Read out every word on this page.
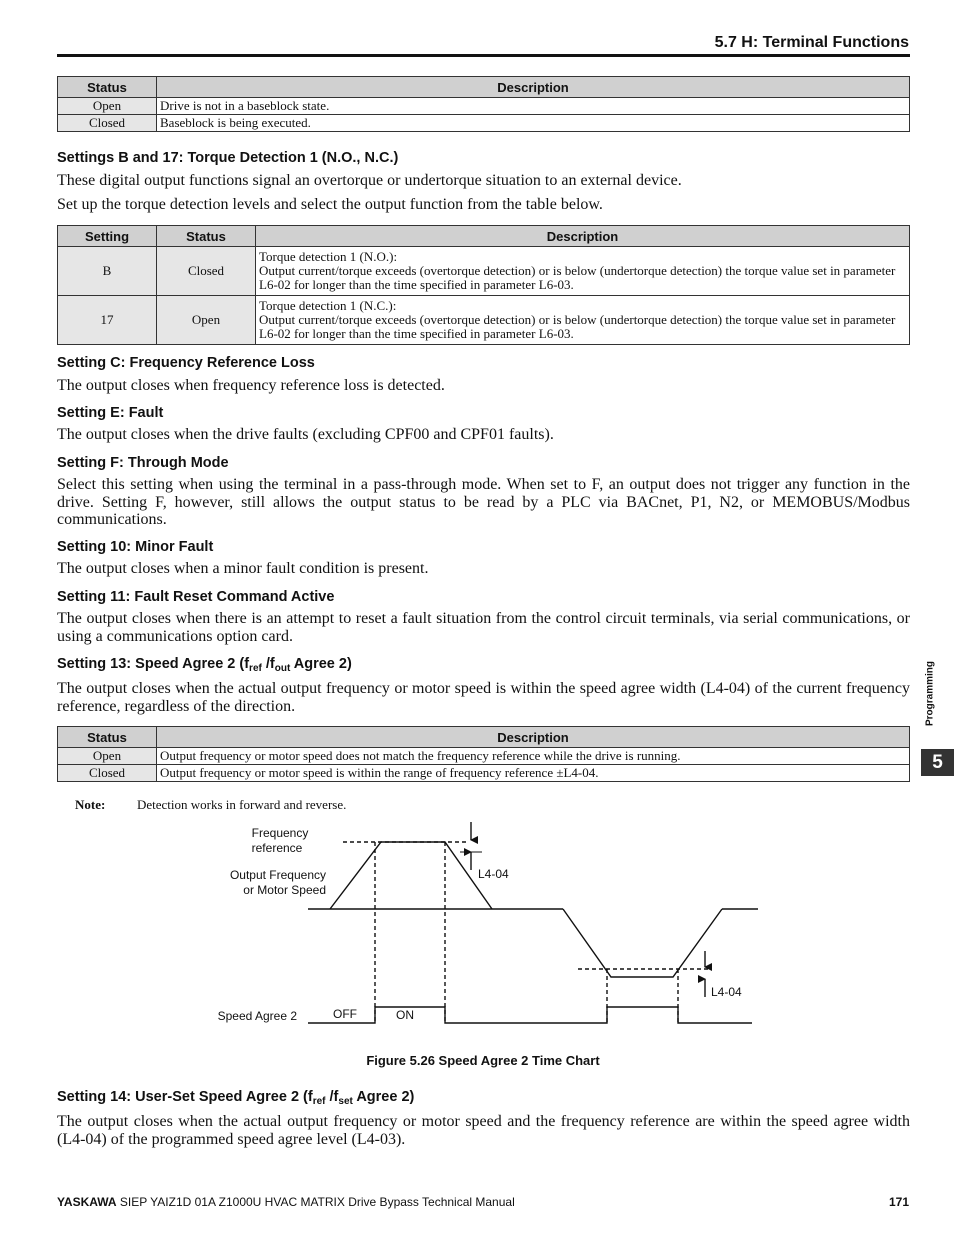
5.7 H: Terminal Functions
Status	Description
Open	Drive is not in a baseblock state.
Closed	Baseblock is being executed.
Settings B and 17: Torque Detection 1 (N.O., N.C.)
These digital output functions signal an overtorque or undertorque situation to an external device.
Set up the torque detection levels and select the output function from the table below.
Setting	Status	Description
B	Closed	Torque detection 1 (N.O.):
Output current/torque exceeds (overtorque detection) or is below (undertorque detection) the torque value set in parameter L6-02 for longer than the time specified in parameter L6-03.

17	Open	Torque detection 1 (N.C.):
Output current/torque exceeds (overtorque detection) or is below (undertorque detection) the torque value set in parameter L6-02 for longer than the time specified in parameter L6-03.
Setting C: Frequency Reference Loss
The output closes when frequency reference loss is detected.
Setting E: Fault
The output closes when the drive faults (excluding CPF00 and CPF01 faults).
Setting F: Through Mode
Select this setting when using the terminal in a pass-through mode. When set to F, an output does not trigger any function in the drive. Setting F, however, still allows the output status to be read by a PLC via BACnet, P1, N2, or MEMOBUS/Modbus communications.
Setting 10: Minor Fault
The output closes when a minor fault condition is present.
Setting 11: Fault Reset Command Active
The output closes when there is an attempt to reset a fault situation from the control circuit terminals, via serial communications, or using a communications option card.
Setting 13: Speed Agree 2 ($f_{ref}$ $/f_{out}$ Agree 2)
The output closes when the actual output frequency or motor speed is within the speed agree width (L4-04) of the current frequency reference, regardless of the direction.
Status	Description
Open	Output frequency or motor speed does not match the frequency reference while the drive is running.
Closed	Output frequency or motor speed is within the range of frequency reference ±L4-04.
Note: Detection works in forward and reverse.
Frequency
reference
Output Frequency
or Motor Speed
L4-04
L4-04
Speed Agree 2	OFF	ON
Figure 5.26 Speed Agree 2 Time Chart
Setting 14: User-Set Speed Agree 2 ($f_{ref}$ $/f_{set}$ Agree 2)
The output closes when the actual output frequency or motor speed and the frequency reference are within the speed agree width (L4-04) of the programmed speed agree level (L4-03).
Programming
5
YASKAWA SIEP YAIZ1D 01A Z1000U HVAC MATRIX Drive Bypass Technical Manual	171
